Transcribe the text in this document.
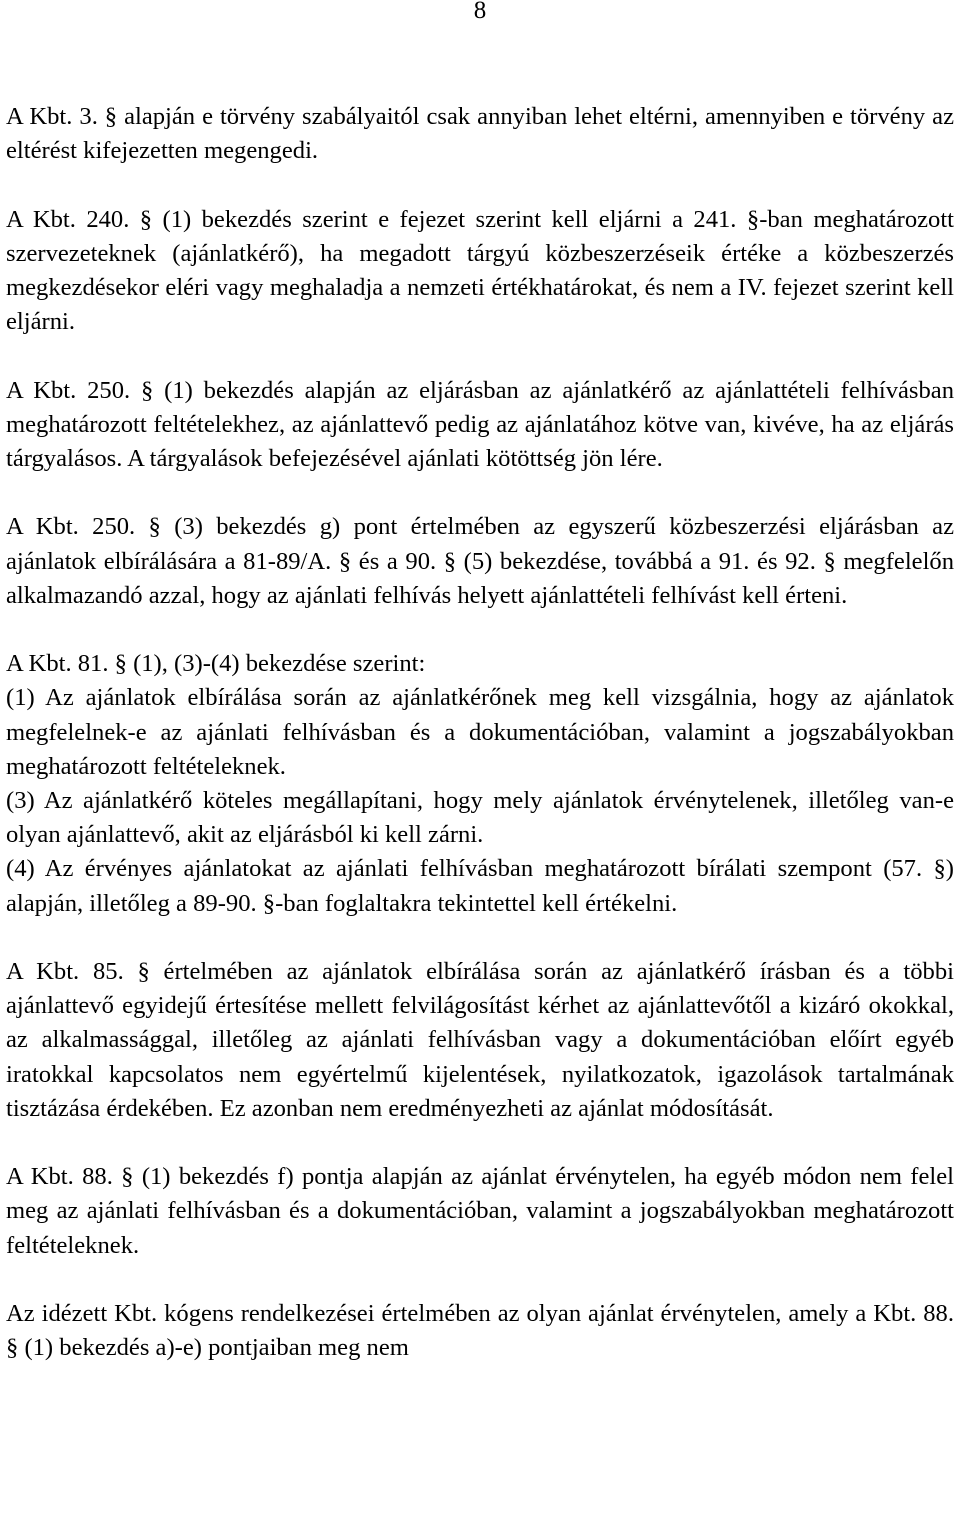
8

A Kbt. 3. § alapján e törvény szabályaitól csak annyiban lehet eltérni, amennyiben e törvény az eltérést kifejezetten megengedi.

A Kbt. 240. § (1) bekezdés szerint e fejezet szerint kell eljárni a 241. §-ban meghatározott szervezeteknek (ajánlatkérő), ha megadott tárgyú közbeszerzéseik értéke a közbeszerzés megkezdésekor eléri vagy meghaladja a nemzeti értékhatárokat, és nem a IV. fejezet szerint kell eljárni.

A Kbt. 250. § (1) bekezdés alapján az eljárásban az ajánlatkérő az ajánlattételi felhívásban meghatározott feltételekhez, az ajánlattevő pedig az ajánlatához kötve van, kivéve, ha az eljárás tárgyalásos. A tárgyalások befejezésével ajánlati kötöttség jön lére.

A Kbt. 250. § (3) bekezdés g) pont értelmében az egyszerű közbeszerzési eljárásban az ajánlatok elbírálására a 81-89/A. § és a 90. § (5) bekezdése, továbbá a 91. és 92. § megfelelőn alkalmazandó azzal, hogy az ajánlati felhívás helyett ajánlattételi felhívást kell érteni.

A Kbt. 81. § (1), (3)-(4) bekezdése szerint:

(1) Az ajánlatok elbírálása során az ajánlatkérőnek meg kell vizsgálnia, hogy az ajánlatok megfelelnek-e az ajánlati felhívásban és a dokumentációban, valamint a jogszabályokban meghatározott feltételeknek.

(3) Az ajánlatkérő köteles megállapítani, hogy mely ajánlatok érvénytelenek, illetőleg van-e olyan ajánlattevő, akit az eljárásból ki kell zárni.

(4) Az érvényes ajánlatokat az ajánlati felhívásban meghatározott bírálati szempont (57. §) alapján, illetőleg a 89-90. §-ban foglaltakra tekintettel kell értékelni.

A Kbt. 85. § értelmében az ajánlatok elbírálása során az ajánlatkérő írásban és a többi ajánlattevő egyidejű értesítése mellett felvilágosítást kérhet az ajánlattevőtől a kizáró okokkal, az alkalmassággal, illetőleg az ajánlati felhívásban vagy a dokumentációban előírt egyéb iratokkal kapcsolatos nem egyértelmű kijelentések, nyilatkozatok, igazolások tartalmának tisztázása érdekében. Ez azonban nem eredményezheti az ajánlat módosítását.

A Kbt. 88. § (1) bekezdés f) pontja alapján az ajánlat érvénytelen, ha egyéb módon nem felel meg az ajánlati felhívásban és a dokumentációban, valamint a jogszabályokban meghatározott feltételeknek.

Az idézett Kbt. kógens rendelkezései értelmében az olyan ajánlat érvénytelen, amely a Kbt. 88. § (1) bekezdés a)-e) pontjaiban meg nem
